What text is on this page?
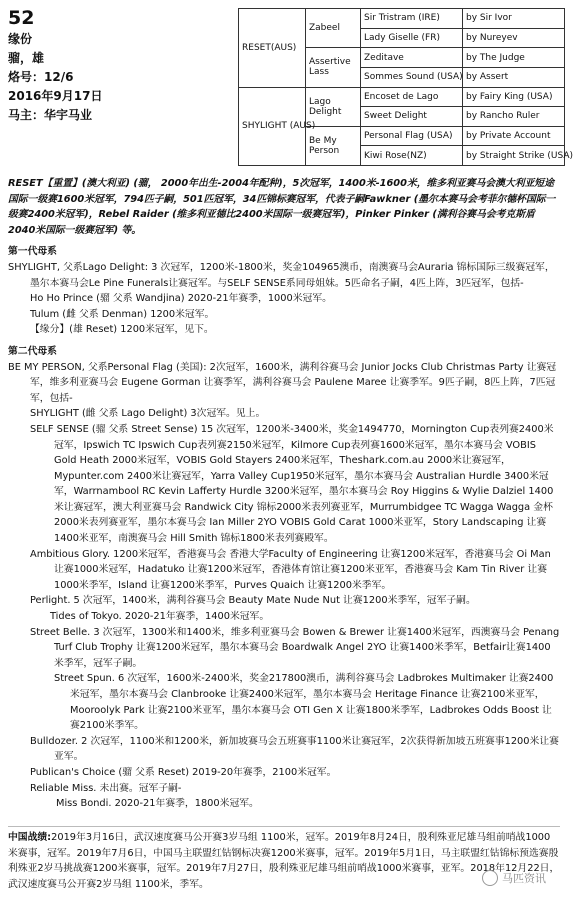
52
缘份
骝，雄
烙号：12/6
2016年9月17日
马主：华宇马业
RESET(AUS)	Zabeel	Sir Tristram (IRE)	by Sir Ivor
		Lady Giselle (FR)	by Nureyev
	Assertive Lass	Zeditave	by The Judge
		Sommes Sound (USA)	by Assert
SHYLIGHT (AUS)	Lago Delight	Encoset de Lago	by Fairy King (USA)
		Sweet Delight	by Rancho Ruler
	Be My Person	Personal Flag (USA)	by Private Account
		Kiwi Rose(NZ)	by Straight Strike (USA)

RESET【重置】(澳大利亚) (骝， 2000年出生-2004年配种)，5次冠军，1400米-1600米，维多利亚赛马会澳大利亚短途国际一级赛1600米冠军，794匹子嗣，501匹冠军，34匹锦标赛冠军，代表子嗣Fawkner (墨尔本赛马会考菲尔德杯国际一级赛2400米冠军)，Rebel Raider (维多利亚德比2400米国际一级赛冠军)，Pinker Pinker (满利谷赛马会考克斯盾2040米国际一级赛冠军) 等。

第一代母系

SHYLIGHT, 父系Lago Delight: 3 次冠军，1200米-1800米，奖金104965澳币，南澳赛马会Auraria 锦标国际三级赛冠军，墨尔本赛马会Le Pine Funerals让赛冠军。与SELF SENSE系同母姐妹。5匹命名子嗣，4匹上阵，3匹冠军，包括-

Ho Ho Prince (骝 父系 Wandjina) 2020-21年赛季，1000米冠军。

Tulum (雌 父系 Denman) 1200米冠军。

【缘分】(雄 Reset) 1200米冠军，见下。

第二代母系

BE MY PERSON, 父系Personal Flag (美国): 2次冠军，1600米，满利谷赛马会 Junior Jocks Club Christmas Party 让赛冠军，维多利亚赛马会 Eugene Gorman 让赛季军，满利谷赛马会 Paulene Maree 让赛季军。9匹子嗣，8匹上阵，7匹冠军，包括-

SHYLIGHT (雌 父系 Lago Delight) 3次冠军。见上。

SELF SENSE (骝 父系 Street Sense) 15 次冠军，1200米-3400米，奖金1494770，Mornington Cup表列赛2400米冠军，Ipswich TC Ipswich Cup表列赛2150米冠军，Kilmore Cup表列赛1600米冠军，墨尔本赛马会 VOBIS Gold Heath 2000米冠军，VOBIS Gold Stayers 2400米冠军，Theshark.com.au 2000米让赛冠军，Mypunter.com 2400米让赛冠军，Yarra Valley Cup1950米冠军，墨尔本赛马会 Australian Hurdle 3400米冠军，Warrnambool RC Kevin Lafferty Hurdle 3200米冠军，墨尔本赛马会 Roy Higgins & Wylie Dalziel 1400米让赛冠军，澳大利亚赛马会 Randwick City 锦标2000米表列赛亚军，Murrumbidgee TC Wagga Wagga 金杯2000米表列赛亚军，墨尔本赛马会 Ian Miller 2YO VOBIS Gold Carat 1000米亚军，Story Landscaping 让赛1400米亚军，南澳赛马会 Hill Smith 锦标1800米表列赛殿军。

Ambitious Glory. 1200米冠军，香港赛马会 香港大学Faculty of Engineering 让赛1200米冠军，香港赛马会 Oi Man 让赛1000米冠军，Hadatuko 让赛1200米冠军，香港体育馆让赛1200米亚军，香港赛马会 Kam Tin River 让赛1000米季军，Island 让赛1200米季军，Purves Quaich 让赛1200米季军。

Perlight. 5 次冠军，1400米，满利谷赛马会 Beauty Mate Nude Nut 让赛1200米季军，冠军子嗣。

Tides of Tokyo. 2020-21年赛季，1400米冠军。

Street Belle. 3 次冠军，1300米和1400米，维多利亚赛马会 Bowen & Brewer 让赛1400米冠军，西澳赛马会 Penang Turf Club Trophy 让赛1200米冠军，墨尔本赛马会 Boardwalk Angel 2YO 让赛1400米季军，Betfair让赛1400米季军，冠军子嗣。

Street Spun. 6 次冠军，1600米-2400米，奖金217800澳币，满利谷赛马会 Ladbrokes Multimaker 让赛2400米冠军，墨尔本赛马会 Clanbrooke 让赛2400米冠军，墨尔本赛马会 Heritage Finance 让赛2100米亚军，Mooroolyk Park 让赛2100米亚军，墨尔本赛马会 OTI Gen X 让赛1800米季军，Ladbrokes Odds Boost 让赛2100米季军。

Bulldozer. 2 次冠军，1100米和1200米，新加坡赛马会五班赛事1100米让赛冠军，2次获得新加坡五班赛事1200米让赛亚军。

Publican's Choice (骝 父系 Reset) 2019-20年赛季，2100米冠军。

Reliable Miss. 未出赛。冠军子嗣-

Miss Bondi. 2020-21年赛季，1800米冠军。

中国战绩:2019年3月16日，武汉速度赛马公开赛3岁马组 1100米，冠军。2019年8月24日，殷利殊亚尼雄马组前哨战1000米赛事，冠军。2019年7月6日，中国马主联盟红钻钢标决赛1200米赛事，冠军。2019年5月1日，马主联盟红钻锦标预选赛殷利殊亚2岁马挑战赛1200米赛事，冠军。2019年7月27日，殷利殊亚尼雄马组前哨战1000米赛事，亚军。2018年12月22日，武汉速度赛马公开赛2岁马组 1100米，季军。	马匹资讯
